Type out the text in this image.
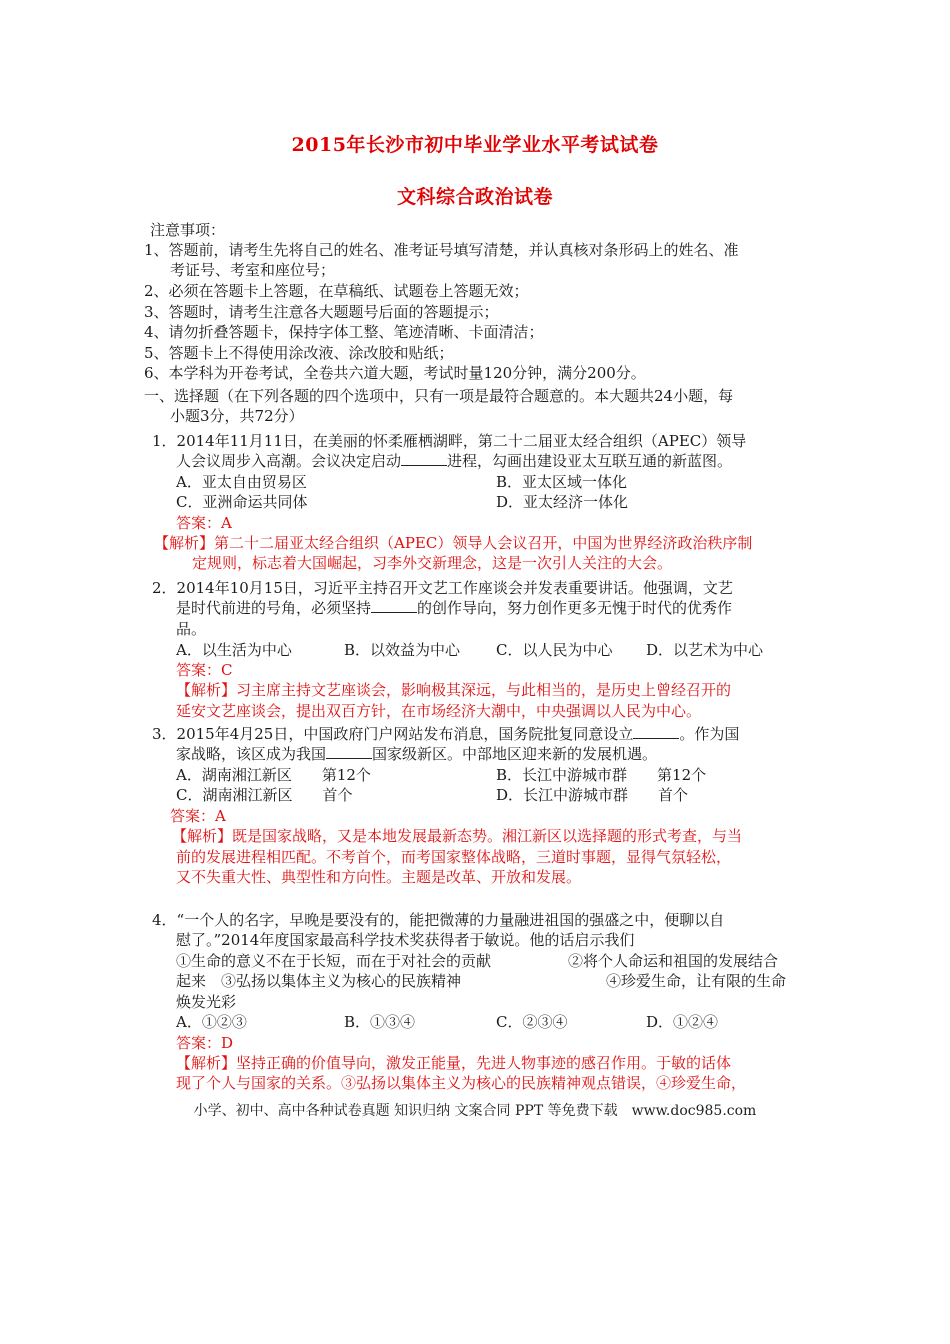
2015年长沙市初中毕业学业水平考试试卷
文科综合政治试卷
注意事项：
1、答题前，请考生先将自己的姓名、准考证号填写清楚，并认真核对条形码上的姓名、准
考证号、考室和座位号；
2、必须在答题卡上答题，在草稿纸、试题卷上答题无效；
3、答题时，请考生注意各大题题号后面的答题提示；
4、请勿折叠答题卡，保持字体工整、笔迹清晰、卡面清洁；
5、答题卡上不得使用涂改液、涂改胶和贴纸；
6、本学科为开卷考试，全卷共六道大题，考试时量120分钟，满分200分。
一、选择题（在下列各题的四个选项中，只有一项是最符合题意的。本大题共24小题，每
小题3分，共72分）
1．2014年11月11日，在美丽的怀柔雁栖湖畔，第二十二届亚太经合组织（APEC）领导
人会议周步入高潮。会议决定启动	进程，勾画出建设亚太互联互通的新蓝图。
A．亚太自由贸易区	B．亚太区域一体化
C．亚洲命运共同体	D．亚太经济一体化
答案：A
【解析】第二十二届亚太经合组织（APEC）领导人会议召开，中国为世界经济政治秩序制
定规则，标志着大国崛起，习李外交新理念，这是一次引人关注的大会。
2．2014年10月15日，习近平主持召开文艺工作座谈会并发表重要讲话。他强调，文艺
是时代前进的号角，必须坚持	的创作导向，努力创作更多无愧于时代的优秀作
品。
A．以生活为中心	B．以效益为中心 C．以人民为中心 D．以艺术为中心
答案：C
【解析】习主席主持文艺座谈会，影响极其深远，与此相当的，是历史上曾经召开的
延安文艺座谈会，提出双百方针，在市场经济大潮中，中央强调以人民为中心。
3．2015年4月25日，中国政府门户网站发布消息，国务院批复同意设立	。作为国
家战略，该区成为我国	国家级新区。中部地区迎来新的发展机遇。
A．湖南湘江新区　　第12个	B．长江中游城市群　　第12个
C．湖南湘江新区　　首个	D．长江中游城市群　　首个
答案：A
【解析】既是国家战略，又是本地发展最新态势。湘江新区以选择题的形式考查，与当
前的发展进程相匹配。不考首个，而考国家整体战略，三道时事题，显得气氛轻松，
又不失重大性、典型性和方向性。主题是改革、开放和发展。
4．“一个人的名字，早晚是要没有的，能把微薄的力量融进祖国的强盛之中，便聊以自
慰了。”2014年度国家最高科学技术奖获得者于敏说。他的话启示我们
①生命的意义不在于长短，而在于对社会的贡献	②将个人命运和祖国的发展结合
起来　③弘扬以集体主义为核心的民族精神	④珍爱生命，让有限的生命
焕发光彩
A．①②③	B．①③④	C．②③④	D．①②④
答案：D
【解析】坚持正确的价值导向，激发正能量，先进人物事迹的感召作用。于敏的话体
现了个人与国家的关系。③弘扬以集体主义为核心的民族精神观点错误，④珍爱生命，
小学、初中、高中各种试卷真题 知识归纳 文案合同 PPT 等免费下载　www.doc985.com
